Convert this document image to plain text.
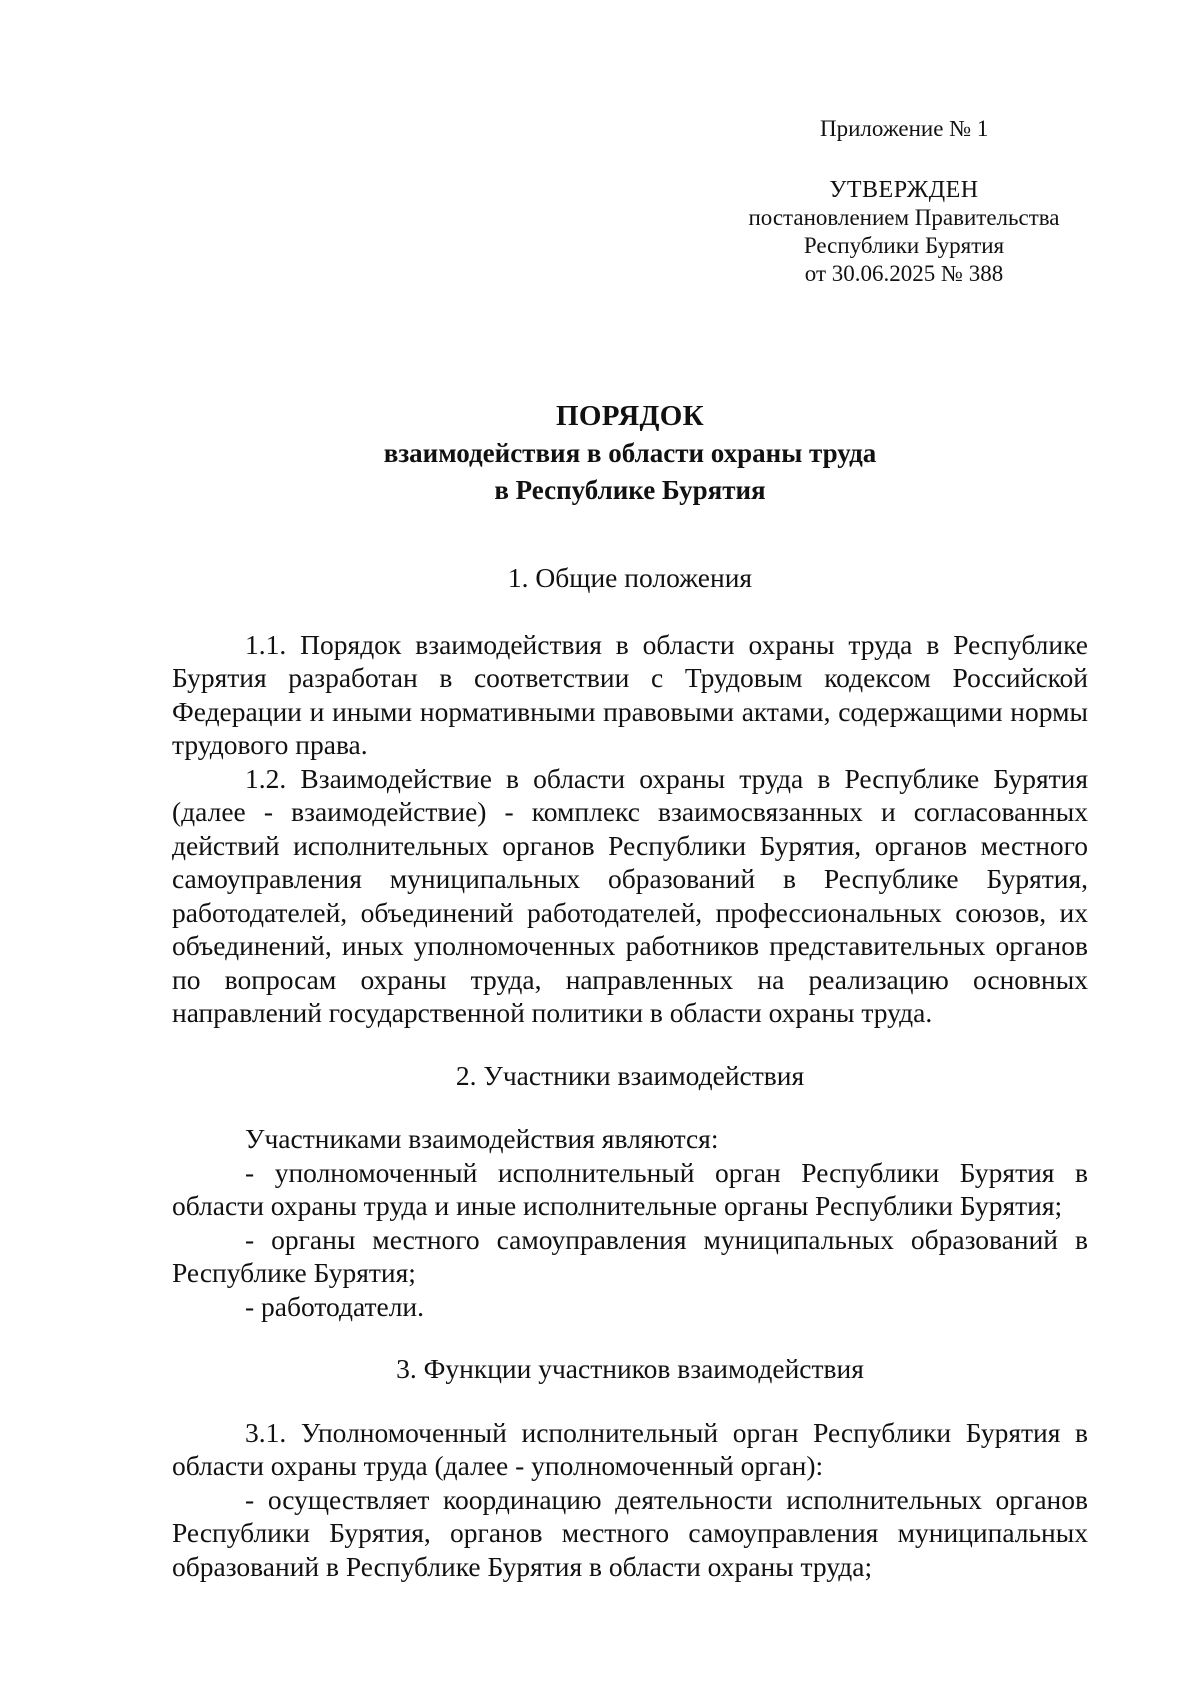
Приложение № 1
УТВЕРЖДЕН
постановлением Правительства
Республики Бурятия
от 30.06.2025 № 388
ПОРЯДОК
взаимодействия в области охраны труда
в Республике Бурятия
1. Общие положения

1.1. Порядок взаимодействия в области охраны труда в Республике Бурятия разработан в соответствии с Трудовым кодексом Российской Федерации и иными нормативными правовыми актами, содержащими нормы трудового права.

1.2. Взаимодействие в области охраны труда в Республике Бурятия (далее - взаимодействие) - комплекс взаимосвязанных и согласованных действий исполнительных органов Республики Бурятия, органов местного самоуправления муниципальных образований в Республике Бурятия, работодателей, объединений работодателей, профессиональных союзов, их объединений, иных уполномоченных работников представительных органов по вопросам охраны труда, направленных на реализацию основных направлений государственной политики в области охраны труда.

2. Участники взаимодействия

Участниками взаимодействия являются:

- уполномоченный исполнительный орган Республики Бурятия в области охраны труда и иные исполнительные органы Республики Бурятия;

- органы местного самоуправления муниципальных образований в Республике Бурятия;

- работодатели.

3. Функции участников взаимодействия

3.1. Уполномоченный исполнительный орган Республики Бурятия в области охраны труда (далее - уполномоченный орган):

- осуществляет координацию деятельности исполнительных органов Республики Бурятия, органов местного самоуправления муниципальных образований в Республике Бурятия в области охраны труда;
